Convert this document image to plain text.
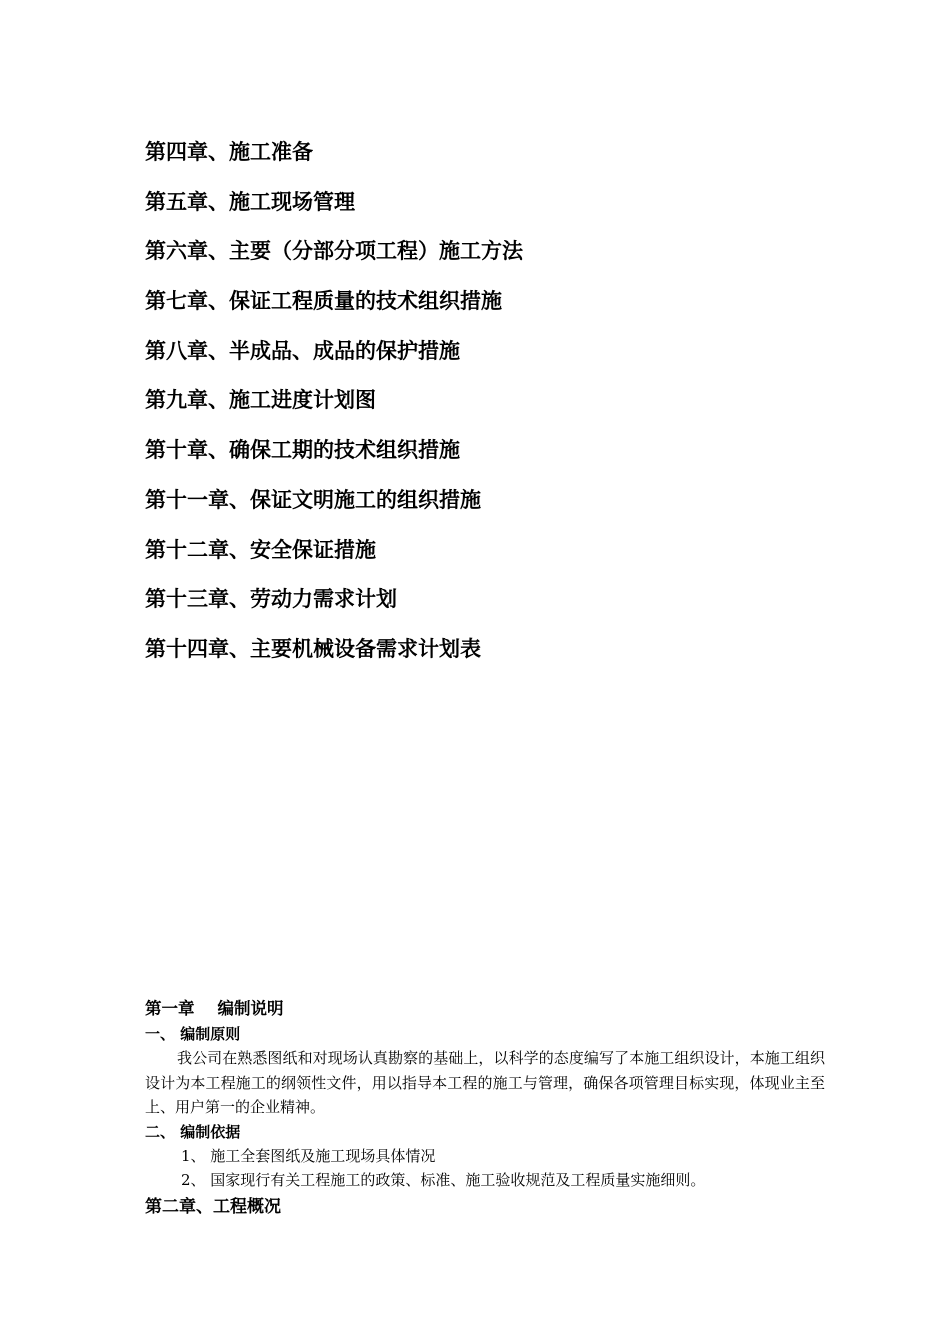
第四章、施工准备
第五章、施工现场管理
第六章、主要（分部分项工程）施工方法
第七章、保证工程质量的技术组织措施
第八章、半成品、成品的保护措施
第九章、施工进度计划图
第十章、确保工期的技术组织措施
第十一章、保证文明施工的组织措施
第十二章、安全保证措施
第十三章、劳动力需求计划
第十四章、主要机械设备需求计划表
第一章    编制说明
一、 编制原则
我公司在熟悉图纸和对现场认真勘察的基础上，以科学的态度编写了本施工组织设计，本施工组织设计为本工程施工的纲领性文件，用以指导本工程的施工与管理，确保各项管理目标实现，体现业主至上、用户第一的企业精神。
二、 编制依据
1、 施工全套图纸及施工现场具体情况
2、 国家现行有关工程施工的政策、标准、施工验收规范及工程质量实施细则。
第二章、工程概况
